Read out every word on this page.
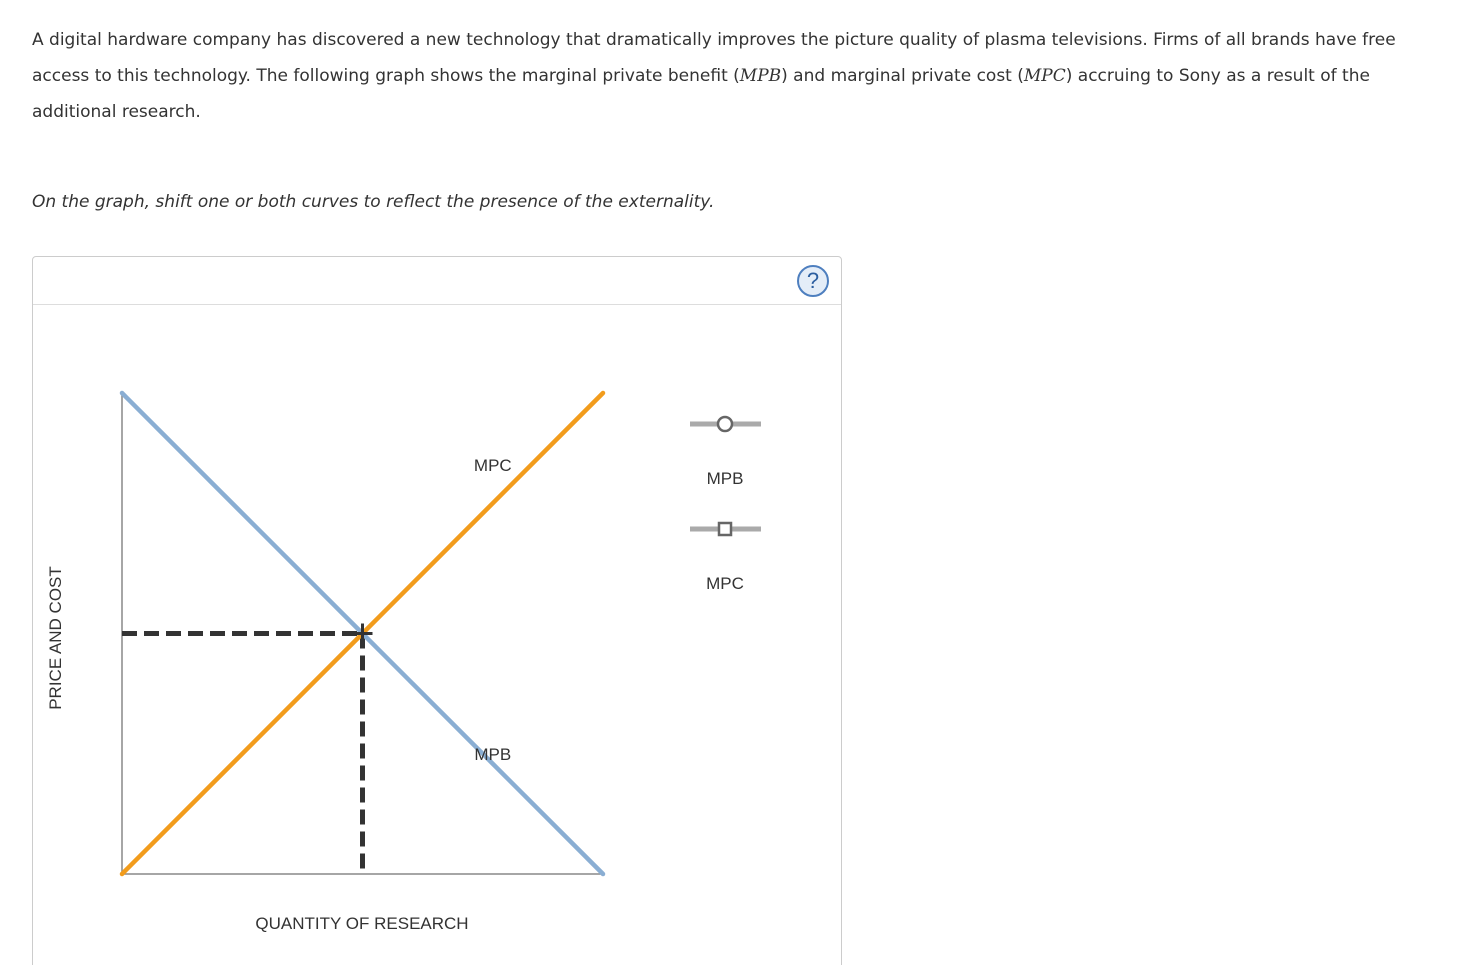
A digital hardware company has discovered a new technology that dramatically improves the picture quality of plasma televisions. Firms of all brands have free access to this technology. The following graph shows the marginal private benefit (MPB) and marginal private cost (MPC) accruing to Sony as a result of the additional research.
On the graph, shift one or both curves to reflect the presence of the externality.
?
MPC
MPB
QUANTITY OF RESEARCH
PRICE AND COST
MPB
MPC
